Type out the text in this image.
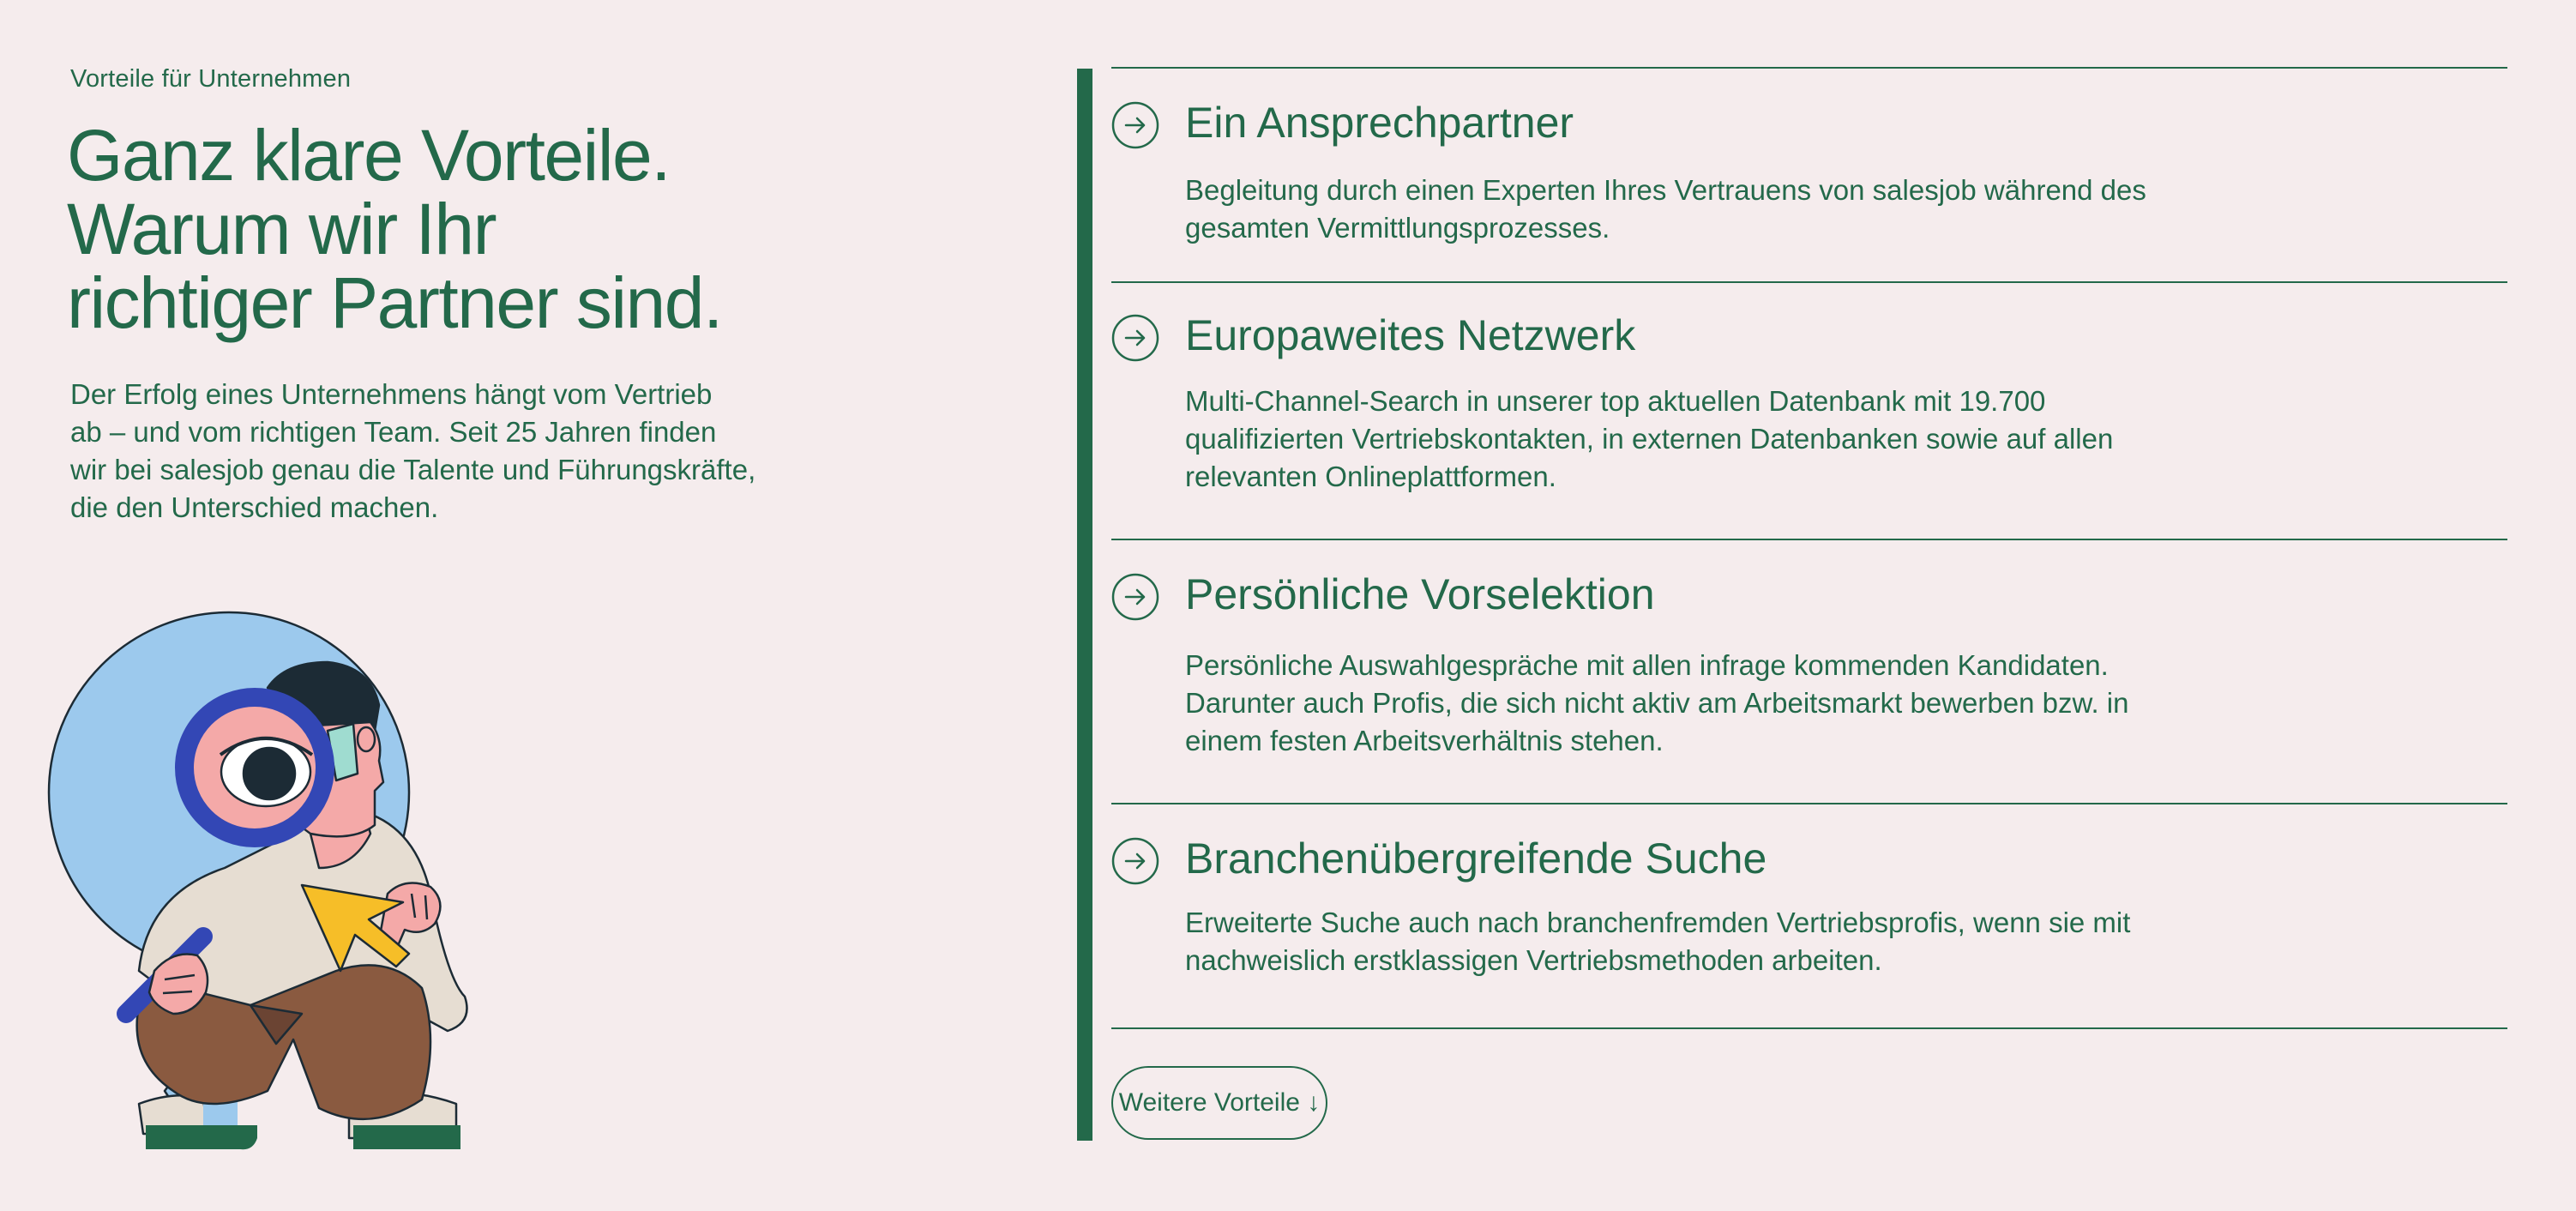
Vorteile für Unternehmen
Ganz klare Vorteile.
Warum wir Ihr
richtiger Partner sind.
Der Erfolg eines Unternehmens hängt vom Vertrieb
ab – und vom richtigen Team. Seit 25 Jahren finden
wir bei salesjob genau die Talente und Führungskräfte,
die den Unterschied machen.
Ein Ansprechpartner
Begleitung durch einen Experten Ihres Vertrauens von salesjob während des
gesamten Vermittlungsprozesses.
Europaweites Netzwerk
Multi-Channel-Search in unserer top aktuellen Datenbank mit 19.700
qualifizierten Vertriebskontakten, in externen Datenbanken sowie auf allen
relevanten Onlineplattformen.
Persönliche Vorselektion
Persönliche Auswahlgespräche mit allen infrage kommenden Kandidaten.
Darunter auch Profis, die sich nicht aktiv am Arbeitsmarkt bewerben bzw. in
einem festen Arbeitsverhältnis stehen.
Branchenübergreifende Suche
Erweiterte Suche auch nach branchenfremden Vertriebsprofis, wenn sie mit
nachweislich erstklassigen Vertriebsmethoden arbeiten.
Weitere Vorteile ↓
